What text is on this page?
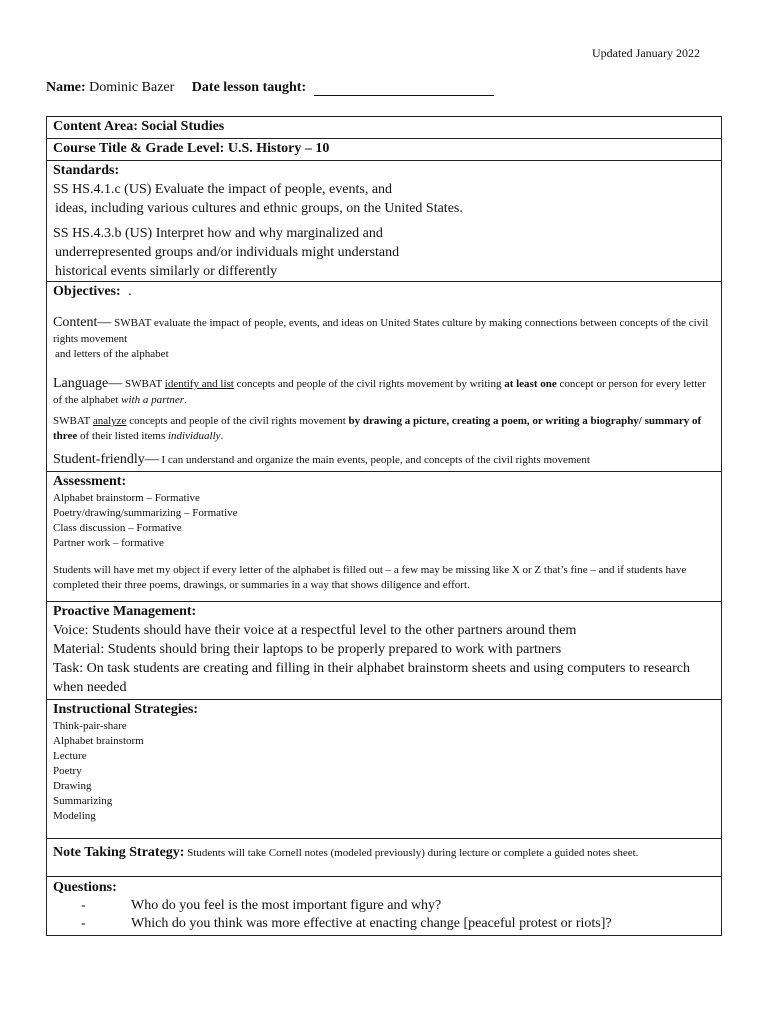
Updated January 2022
Name: Dominic Bazer Date lesson taught:
Content Area: Social Studies
Course Title & Grade Level: U.S. History – 10
Standards:
SS HS.4.1.c (US) Evaluate the impact of people, events, and
ideas, including various cultures and ethnic groups, on the United States.
SS HS.4.3.b (US) Interpret how and why marginalized and
underrepresented groups and/or individuals might understand
historical events similarly or differently
Objectives: .
Content— SWBAT evaluate the impact of people, events, and ideas on United States culture by making connections between concepts of the civil rights movement
and letters of the alphabet
Language— SWBAT identify and list concepts and people of the civil rights movement by writing at least one concept or person for every letter of the alphabet with a partner.
SWBAT analyze concepts and people of the civil rights movement by drawing a picture, creating a poem, or writing a biography/ summary of three of their listed items individually.
Student-friendly— I can understand and organize the main events, people, and concepts of the civil rights movement
Assessment:
Alphabet brainstorm – Formative
Poetry/drawing/summarizing – Formative
Class discussion – Formative
Partner work – formative
Students will have met my object if every letter of the alphabet is filled out – a few may be missing like X or Z that’s fine – and if students have completed their three poems, drawings, or summaries in a way that shows diligence and effort.
Proactive Management:
Voice: Students should have their voice at a respectful level to the other partners around them
Material: Students should bring their laptops to be properly prepared to work with partners
Task: On task students are creating and filling in their alphabet brainstorm sheets and using computers to research when needed
Instructional Strategies:
Think-pair-share
Alphabet brainstorm
Lecture
Poetry
Drawing
Summarizing
Modeling
Note Taking Strategy: Students will take Cornell notes (modeled previously) during lecture or complete a guided notes sheet.
Questions:
-	Who do you feel is the most important figure and why?
-	Which do you think was more effective at enacting change [peaceful protest or riots]?
